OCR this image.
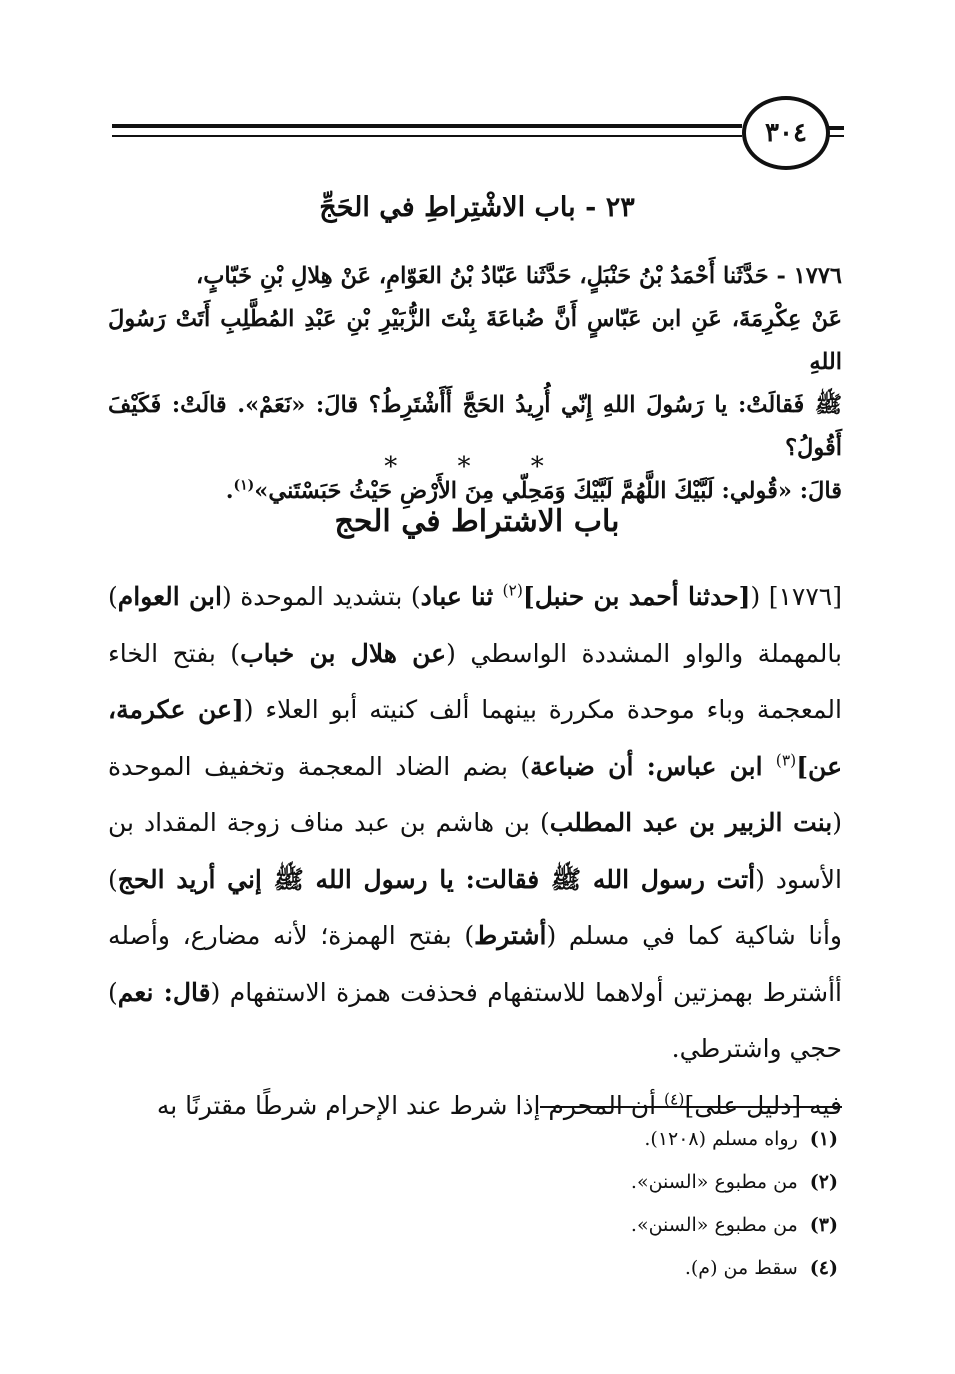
٣٠٤
٢٣ - باب الاشْتِراطِ في الحَجِّ

١٧٧٦ - حَدَّثَنا أَحْمَدُ بْنُ حَنْبَلٍ، حَدَّثَنا عَبّادُ بْنُ العَوّامِ، عَنْ هِلالِ بْنِ خَبّابٍ،

عَنْ عِكْرِمَةَ، عَنِ ابن عَبّاسٍ أَنَّ ضُباعَةَ بِنْتَ الزُّبَيْرِ بْنِ عَبْدِ المُطَّلِبِ أَتَتْ رَسُولَ اللهِ

ﷺ فَقالَتْ: يا رَسُولَ اللهِ إِنّي أُرِيدُ الحَجَّ أَأَشْتَرِطُ؟ قالَ: «نَعَمْ». قالَتْ: فَكَيْفَ أَقُولُ؟

قالَ: «قُولي: لَبَّيْكَ اللَّهُمَّ لَبَّيْكَ وَمَحِلّي مِنَ الأَرْضِ حَيْثُ حَبَسْتَني»$^{(١)}$.

* * *
باب الاشتراط في الحج

[١٧٧٦] ([حدثنا أحمد بن حنبل]$^{(٢)}$ ثنا عباد) بتشديد الموحدة (ابن العوام) بالمهملة والواو المشددة الواسطي (عن هلال بن خباب) بفتح الخاء المعجمة وباء موحدة مكررة بينهما ألف كنيته أبو العلاء ([عن عكرمة، عن]$^{(٣)}$ ابن عباس: أن ضباعة) بضم الضاد المعجمة وتخفيف الموحدة (بنت الزبير بن عبد المطلب) بن هاشم بن عبد مناف زوجة المقداد بن الأسود (أتت رسول الله ﷺ فقالت: يا رسول الله ﷺ إني أريد الحج) وأنا شاكية كما في مسلم (أشترط) بفتح الهمزة؛ لأنه مضارع، وأصله أأشترط بهمزتين أولاهما للاستفهام فحذفت همزة الاستفهام (قال: نعم) حجي واشترطي.

فيه [دليل على]$^{(٤)}$ أن المحرم إذا شرط عند الإحرام شرطًا مقترنًا به

(١)رواه مسلم (١٢٠٨).
(٢)من مطبوع «السنن».
(٣)من مطبوع «السنن».
(٤)سقط من (م).
